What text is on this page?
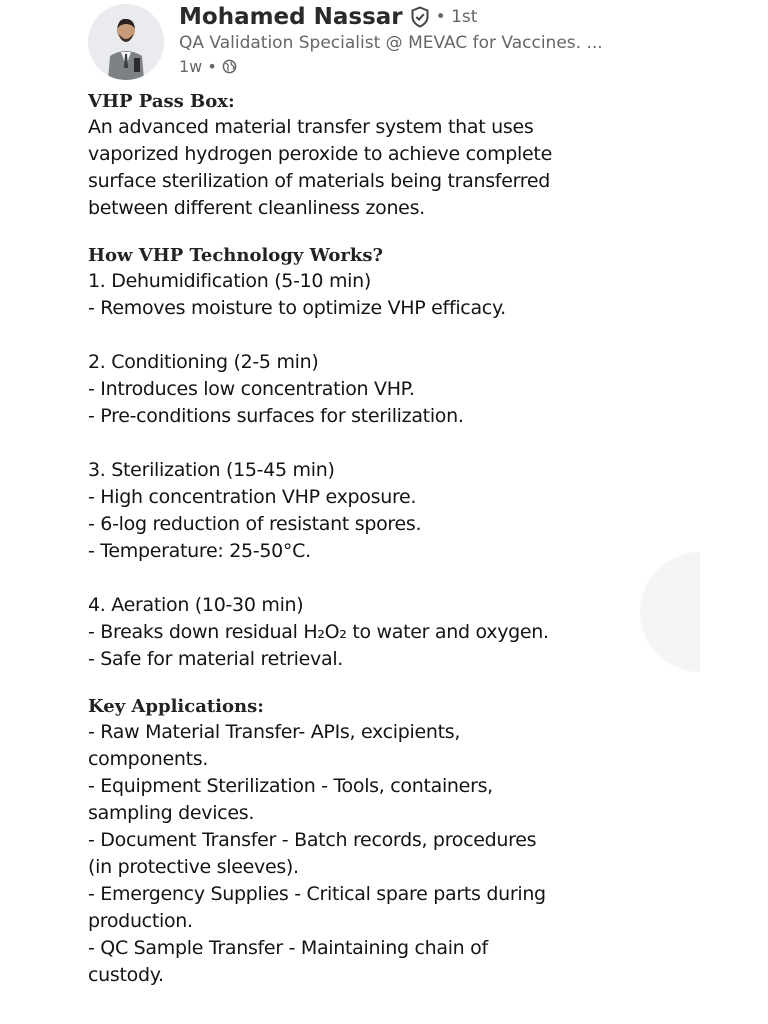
Mohamed Nassar • 1st
QA Validation Specialist @ MEVAC for Vaccines. ...
1w •
VHP Pass Box:
An advanced material transfer system that uses
vaporized hydrogen peroxide to achieve complete
surface sterilization of materials being transferred
between different cleanliness zones.
How VHP Technology Works?
1. Dehumidification (5-10 min)
- Removes moisture to optimize VHP efficacy.
2. Conditioning (2-5 min)
- Introduces low concentration VHP.
- Pre-conditions surfaces for sterilization.
3. Sterilization (15-45 min)
- High concentration VHP exposure.
- 6-log reduction of resistant spores.
- Temperature: 25-50°C.
4. Aeration (10-30 min)
- Breaks down residual H₂O₂ to water and oxygen.
- Safe for material retrieval.
Key Applications:
- Raw Material Transfer- APIs, excipients,
components.
- Equipment Sterilization - Tools, containers,
sampling devices.
- Document Transfer - Batch records, procedures
(in protective sleeves).
- Emergency Supplies - Critical spare parts during
production.
- QC Sample Transfer - Maintaining chain of
custody.
